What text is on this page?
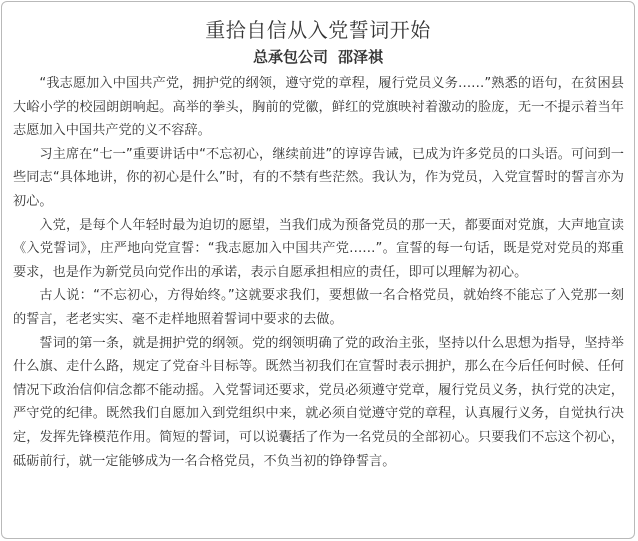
重拾自信从入党誓词开始
总承包公司 邵泽祺

“我志愿加入中国共产党，拥护党的纲领，遵守党的章程，履行党员义务……”熟悉的语句，在贫困县大峪小学的校园朗朗响起。高举的拳头，胸前的党徽，鲜红的党旗映衬着激动的脸庞，无一不提示着当年志愿加入中国共产党的义不容辞。

习主席在“七一”重要讲话中“不忘初心，继续前进”的谆谆告诫，已成为许多党员的口头语。可问到一些同志“具体地讲，你的初心是什么”时，有的不禁有些茫然。我认为，作为党员，入党宣誓时的誓言亦为初心。

入党，是每个人年轻时最为迫切的愿望，当我们成为预备党员的那一天，都要面对党旗，大声地宣读《入党誓词》，庄严地向党宣誓：“我志愿加入中国共产党……”。宣誓的每一句话，既是党对党员的郑重要求，也是作为新党员向党作出的承诺，表示自愿承担相应的责任，即可以理解为初心。

古人说：“不忘初心，方得始终。”这就要求我们，要想做一名合格党员，就始终不能忘了入党那一刻的誓言，老老实实、毫不走样地照着誓词中要求的去做。

誓词的第一条，就是拥护党的纲领。党的纲领明确了党的政治主张，坚持以什么思想为指导，坚持举什么旗、走什么路，规定了党奋斗目标等。既然当初我们在宣誓时表示拥护，那么在今后任何时候、任何情况下政治信仰信念都不能动摇。入党誓词还要求，党员必须遵守党章，履行党员义务，执行党的决定，严守党的纪律。既然我们自愿加入到党组织中来，就必须自觉遵守党的章程，认真履行义务，自觉执行决定，发挥先锋模范作用。简短的誓词，可以说囊括了作为一名党员的全部初心。只要我们不忘这个初心，砥砺前行，就一定能够成为一名合格党员，不负当初的铮铮誓言。
